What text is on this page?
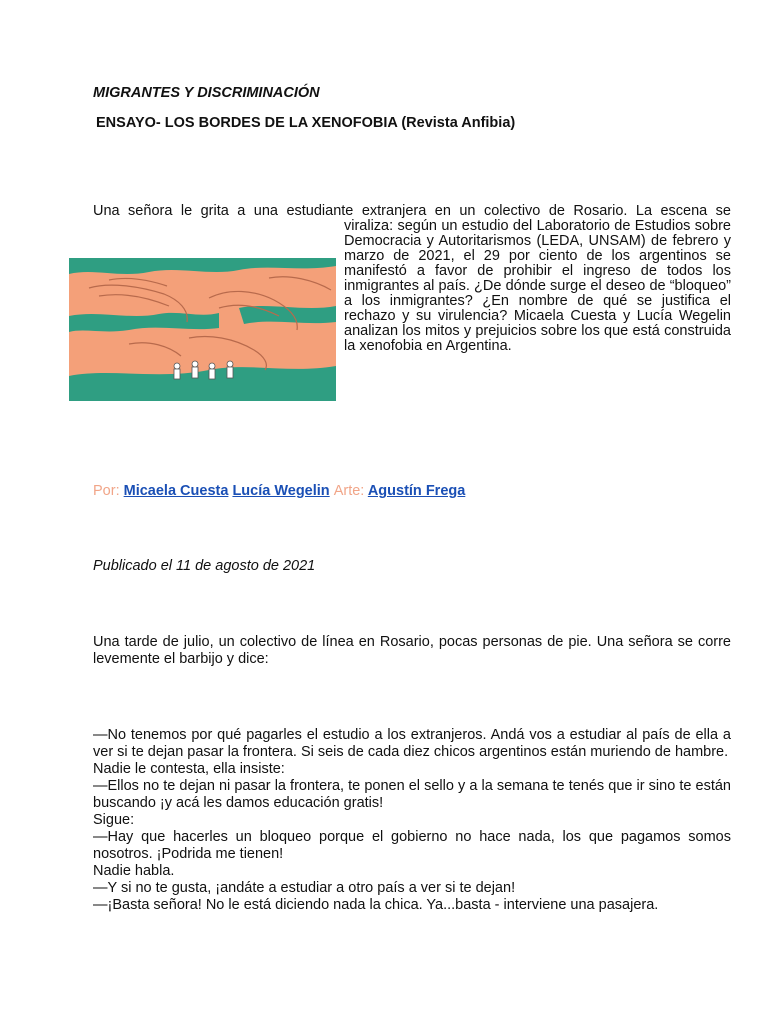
MIGRANTES Y DISCRIMINACIÓN

ENSAYO- LOS BORDES DE LA XENOFOBIA (Revista Anfibia)

Una señora le grita a una estudiante extranjera en un colectivo de Rosario. La escena se

viraliza: según un estudio del Laboratorio de Estudios sobre Democracia y Autoritarismos (LEDA, UNSAM) de febrero y marzo de 2021, el 29 por ciento de los argentinos se manifestó a favor de prohibir el ingreso de todos los inmigrantes al país. ¿De dónde surge el deseo de “bloqueo” a los inmigrantes? ¿En nombre de qué se justifica el rechazo y su virulencia? Micaela Cuesta y Lucía Wegelin analizan los mitos y prejuicios sobre los que está construida la xenofobia en Argentina.

Por: Micaela Cuesta Lucía Wegelin Arte: Agustín Frega

Publicado el 11 de agosto de 2021

Una tarde de julio, un colectivo de línea en Rosario, pocas personas de pie. Una señora se corre levemente el barbijo y dice:

—No tenemos por qué pagarles el estudio a los extranjeros. Andá vos a estudiar al país de ella a ver si te dejan pasar la frontera. Si seis de cada diez chicos argentinos están muriendo de hambre.

Nadie le contesta, ella insiste:

—Ellos no te dejan ni pasar la frontera, te ponen el sello y a la semana te tenés que ir sino te están buscando ¡y acá les damos educación gratis!

Sigue:

—Hay que hacerles un bloqueo porque el gobierno no hace nada, los que pagamos somos nosotros. ¡Podrida me tienen!

Nadie habla.

—Y si no te gusta, ¡andáte a estudiar a otro país a ver si te dejan!

—¡Basta señora! No le está diciendo nada la chica. Ya...basta - interviene una pasajera.
